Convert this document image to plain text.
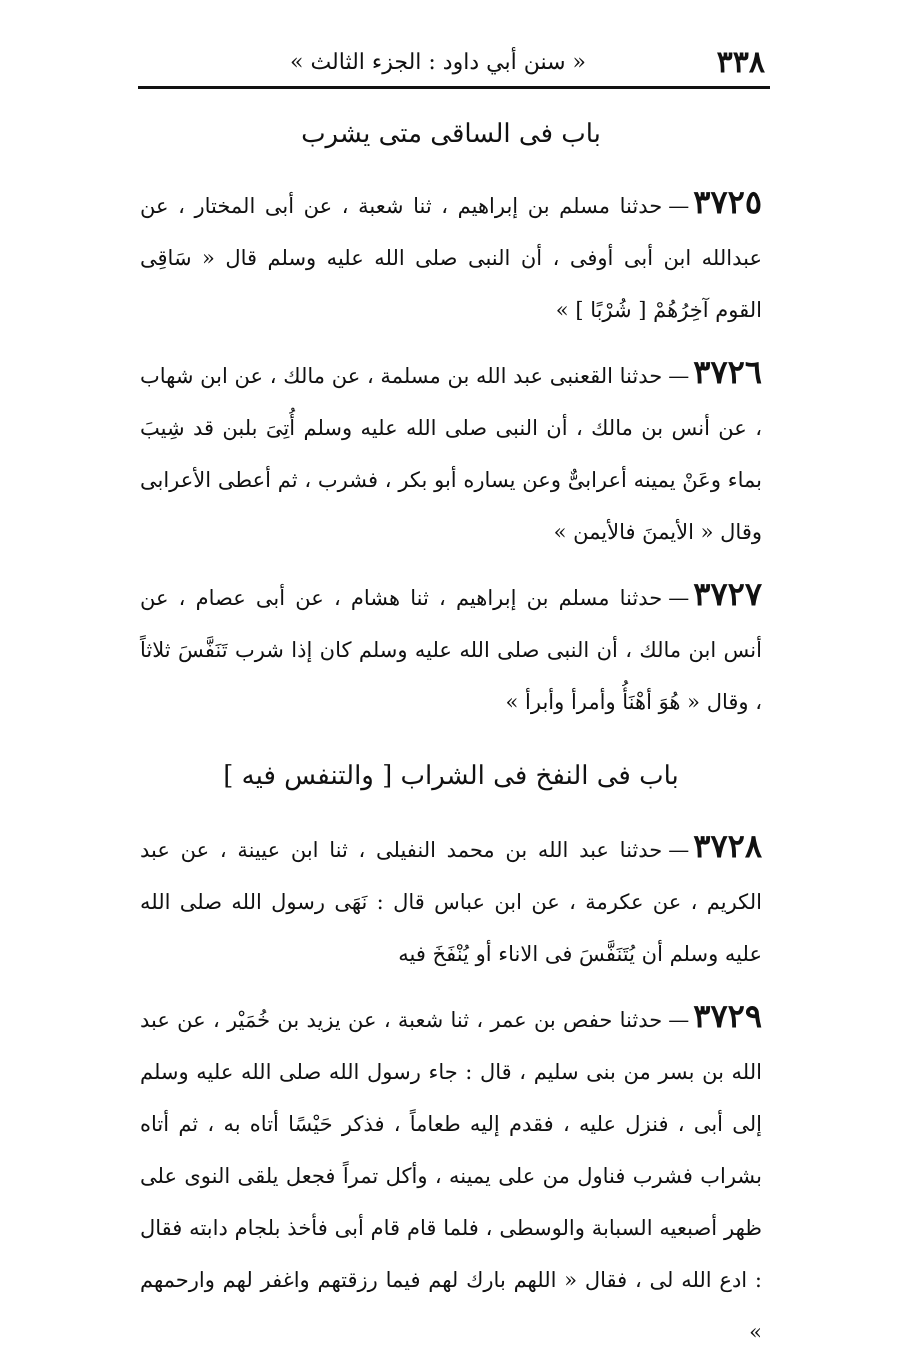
٣٣٨
« سنن أبي داود : الجزء الثالث »
باب فى الساقى متى يشرب

٣٧٢٥—حدثنا مسلم بن إبراهيم ، ثنا شعبة ، عن أبى المختار ، عن عبدالله ابن أبى أوفى ، أن النبى صلى الله عليه وسلم قال « سَاقِى القوم آخِرُهُمْ [ شُرْبًا ] »

٣٧٢٦—حدثنا القعنبى عبد الله بن مسلمة ، عن مالك ، عن ابن شهاب ، عن أنس بن مالك ، أن النبى صلى الله عليه وسلم أُتِىَ بلبن قد شِيبَ بماء وعَنْ يمينه أعرابىٌّ وعن يساره أبو بكر ، فشرب ، ثم أعطى الأعرابى وقال « الأيمنَ فالأيمن »

٣٧٢٧—حدثنا مسلم بن إبراهيم ، ثنا هشام ، عن أبى عصام ، عن أنس ابن مالك ، أن النبى صلى الله عليه وسلم كان إذا شرب تَنَفَّسَ ثلاثاً ، وقال « هُوَ أهْنَأُ وأمرأ وأبرأ »

باب فى النفخ فى الشراب [ والتنفس فيه ]

٣٧٢٨—حدثنا عبد الله بن محمد النفيلى ، ثنا ابن عيينة ، عن عبد الكريم ، عن عكرمة ، عن ابن عباس قال : نَهَى رسول الله صلى الله عليه وسلم أن يُتَنَفَّسَ فى الاناء أو يُنْفَخَ فيه

٣٧٢٩—حدثنا حفص بن عمر ، ثنا شعبة ، عن يزيد بن خُمَيْر ، عن عبد الله بن بسر من بنى سليم ، قال : جاء رسول الله صلى الله عليه وسلم إلى أبى ، فنزل عليه ، فقدم إليه طعاماً ، فذكر حَيْسًا أتاه به ، ثم أتاه بشراب فشرب فناول من على يمينه ، وأكل تمراً فجعل يلقى النوى على ظهر أصبعيه السبابة والوسطى ، فلما قام قام أبى فأخذ بلجام دابته فقال : ادع الله لى ، فقال « اللهم بارك لهم فيما رزقتهم واغفر لهم وارحمهم »
